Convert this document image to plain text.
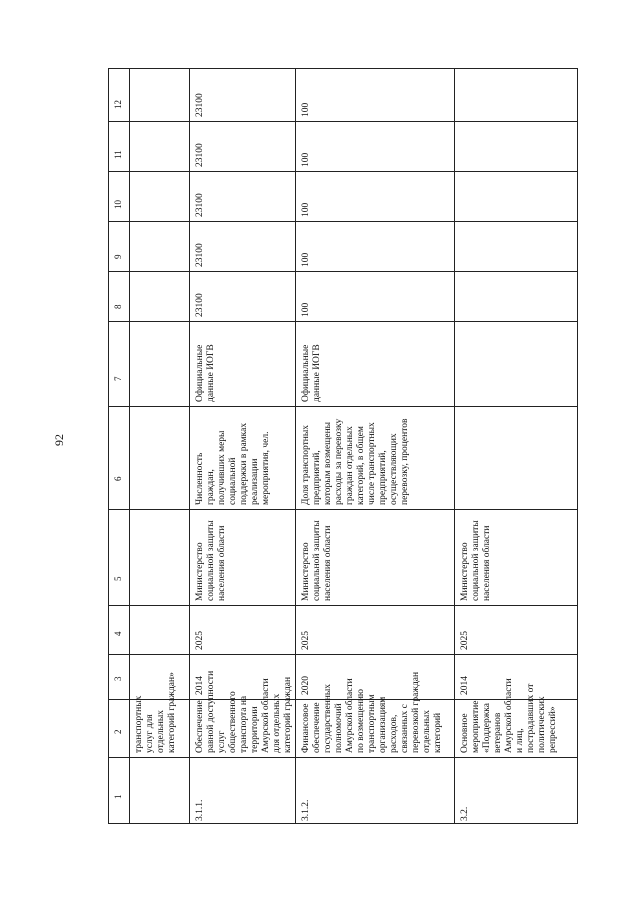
92
12
11
10
9
8
7
6
5
4
3
2
1
транспортных
услуг для
отдельных
категорий граждан»
3.1.1.
Обеспечение
равной доступности
услуг
общественного
транспорта на
территории
Амурской области
для отдельных
категорий граждан
2014
2025
Министерство
социальной защиты
населения области
Численность
граждан,
получивших меры
социальной
поддержки в рамках
реализации
мероприятия, чел.
Официальные
данные ИОГВ
23100
23100
23100
23100
23100
3.1.2.
Финансовое
обеспечение
государственных
полномочий
Амурской области
по возмещению
транспортным
организациям
расходов,
связанных с
перевозкой граждан
отдельных
категорий
2020
2025
Министерство
социальной защиты
населения области
Доля транспортных
предприятий,
которым возмещены
расходы за перевозку
граждан отдельных
категорий, в общем
числе транспортных
предприятий,
осуществляющих
перевозку, процентов
Официальные
данные ИОГВ
100
100
100
100
100
3.2.
Основное
мероприятие
«Поддержка
ветеранов
Амурской области
и лиц,
пострадавших от
политических
репрессий»
2014
2025
Министерство
социальной защиты
населения области
